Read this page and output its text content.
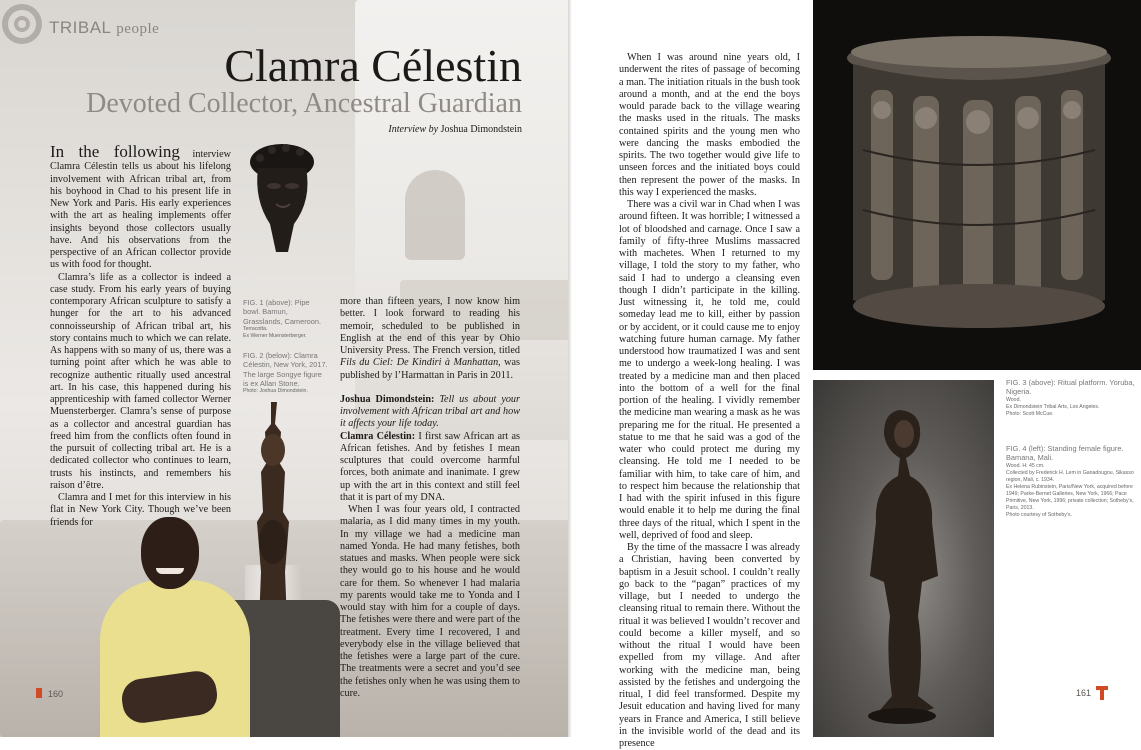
TRIBAL people
Clamra Célestin
Devoted Collector, Ancestral Guardian
Interview by Joshua Dimondstein
FIG. 1 (above): Pipe bowl. Bamun, Grasslands, Cameroon.
Terracotta.
Ex Werner Muensterberger.
FIG. 2 (below): Clamra Célestin, New York, 2017. The large Songye figure is ex Allan Stone.
Photo: Joshua Dimondstein.

In the following interview Clamra Célestin tells us about his lifelong involvement with African tribal art, from his boyhood in Chad to his present life in New York and Paris. His early experiences with the art as healing implements offer insights beyond those collectors usually have. And his observations from the perspective of an African collector provide us with food for thought.

Clamra’s life as a collector is indeed a case study. From his early years of buying contemporary African sculpture to satisfy a hunger for the art to his advanced connoisseurship of African tribal art, his story contains much to which we can relate. As happens with so many of us, there was a turning point after which he was able to recognize authentic ritually used ancestral art. In his case, this happened during his apprenticeship with famed collector Werner Muensterberger. Clamra’s sense of purpose as a collector and ancestral guardian has freed him from the conflicts often found in the pursuit of collecting tribal art. He is a dedicated collector who continues to learn, trusts his instincts, and remembers his raison d’être.

Clamra and I met for this interview in his flat in New York City. Though we’ve been friends for

160

more than fifteen years, I now know him better. I look forward to reading his memoir, scheduled to be published in English at the end of this year by Ohio University Press. The French version, titled Fils du Ciel: De Kindiri à Manhattan, was published by l’Harmattan in Paris in 2011.

Joshua Dimondstein: Tell us about your involvement with African tribal art and how it affects your life today.

Clamra Célestin: I first saw African art as African fetishes. And by fetishes I mean sculptures that could overcome harmful forces, both animate and inanimate. I grew up with the art in this context and still feel that it is part of my DNA.

When I was four years old, I contracted malaria, as I did many times in my youth. In my village we had a medicine man named Yonda. He had many fetishes, both statues and masks. When people were sick they would go to his house and he would care for them. So whenever I had malaria my parents would take me to Yonda and I would stay with him for a couple of days. The fetishes were there and were part of the treatment. Every time I recovered, I and everybody else in the village believed that the fetishes were a large part of the cure. The treatments were a secret and you’d see the fetishes only when he was using them to cure.

When I was around nine years old, I underwent the rites of passage of becoming a man. The initiation rituals in the bush took around a month, and at the end the boys would parade back to the village wearing the masks used in the rituals. The masks contained spirits and the young men who were dancing the masks embodied the spirits. The two together would give life to unseen forces and the initiated boys could then represent the power of the masks. In this way I experienced the masks.

There was a civil war in Chad when I was around fifteen. It was horrible; I witnessed a lot of bloodshed and carnage. Once I saw a family of fifty-three Muslims massacred with machetes. When I returned to my village, I told the story to my father, who said I had to undergo a cleansing even though I didn’t participate in the killing. Just witnessing it, he told me, could someday lead me to kill, either by passion or by accident, or it could cause me to enjoy watching future human carnage. My father understood how traumatized I was and sent me to undergo a week-long healing. I was treated by a medicine man and then placed into the bottom of a well for the final portion of the healing. I vividly remember the medicine man wearing a mask as he was preparing me for the ritual. He presented a statue to me that he said was a god of the water who could protect me during my cleansing. He told me I needed to be familiar with him, to take care of him, and to respect him because the relationship that I had with the spirit infused in this figure would enable it to help me during the final three days of the ritual, which I spent in the well, deprived of food and sleep.

By the time of the massacre I was already a Christian, having been converted by baptism in a Jesuit school. I couldn’t really go back to the “pagan” practices of my village, but I needed to undergo the cleansing ritual to remain there. Without the ritual it was believed I wouldn’t recover and could become a killer myself, and so without the ritual I would have been expelled from my village. And after working with the medicine man, being assisted by the fetishes and undergoing the ritual, I did feel transformed. Despite my Jesuit education and having lived for many years in France and America, I still believe in the invisible world of the dead and its presence

FIG. 3 (above): Ritual platform. Yoruba, Nigeria.
Wood.
Ex Dimondstein Tribal Arts, Los Angeles.
Photo: Scott McCue.
FIG. 4 (left): Standing female figure. Bamana, Mali.
Wood. H: 45 cm.
Collected by Frederick H. Lem in Ganadougou, Sikasso region, Mali, c. 1934.
Ex Helena Rubinstein, Paris/New York, acquired before 1949; Parke-Bernet Galleries, New York, 1966; Pace Primitive, New York, 1996; private collection; Sotheby’s, Paris, 2013.
Photo courtesy of Sotheby’s.
161
